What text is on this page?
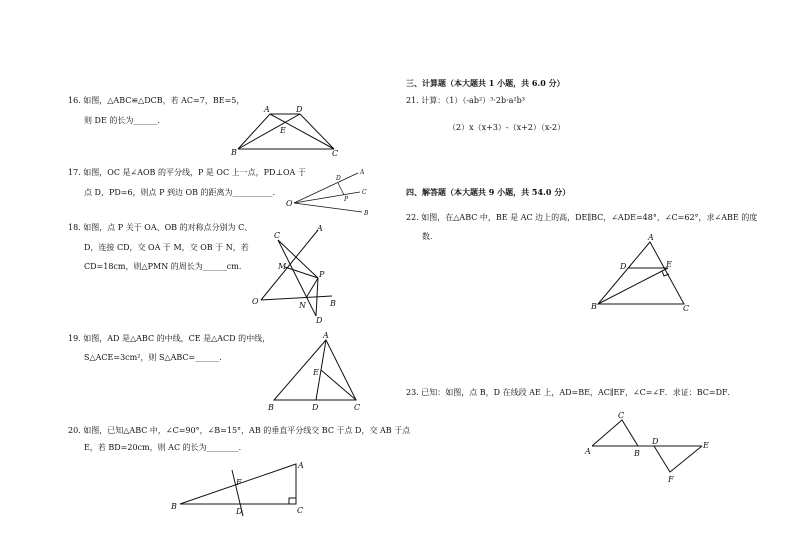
16. 如图，△ABC≌△DCB，若 AC=7，BE=5，
则 DE 的长为______．
A	D
E
B	C
17. 如图，OC 是∠AOB 的平分线，P 是 OC 上一点，PD⊥OA 于
点 D，PD=6，则点 P 到边 OB 的距离为__________.
O
D
P
A
C
B
18. 如图，点 P 关于 OA、OB 的对称点分别为 C、
D，连接 CD，交 OA 于 M，交 OB 于 N，若
CD=18cm，则△PMN 的周长为______cm.
C
A
M
P
O	N	B
D
19. 如图，AD 是△ABC 的中线，CE 是△ACD 的中线，
S△ACE=3cm²，则 S△ABC=______.
A
E
B	D	C
20. 如图，已知△ABC 中，∠C=90°，∠B=15°，AB 的垂直平分线交 BC 于点 D，交 AB 于点
E，若 BD=20cm，则 AC 的长为________.
A
F
B
D	C
三、计算题（本大题共 1 小题，共 6.0 分）
21. 计算：（1）（-ab²）³·2b·a²b³
（2）x（x+3）-（x+2）（x-2）
四、解答题（本大题共 9 小题，共 54.0 分）
22. 如图，在△ABC 中，BE 是 AC 边上的高，DE∥BC，∠ADE=48°，∠C=62°，求∠ABE 的度
数．	A
D	E
B	C
23. 已知：如图，点 B，D 在线段 AE 上，AD=BE，AC∥EF，∠C=∠F．求证：BC=DF．
C
A	B
D	E
F
